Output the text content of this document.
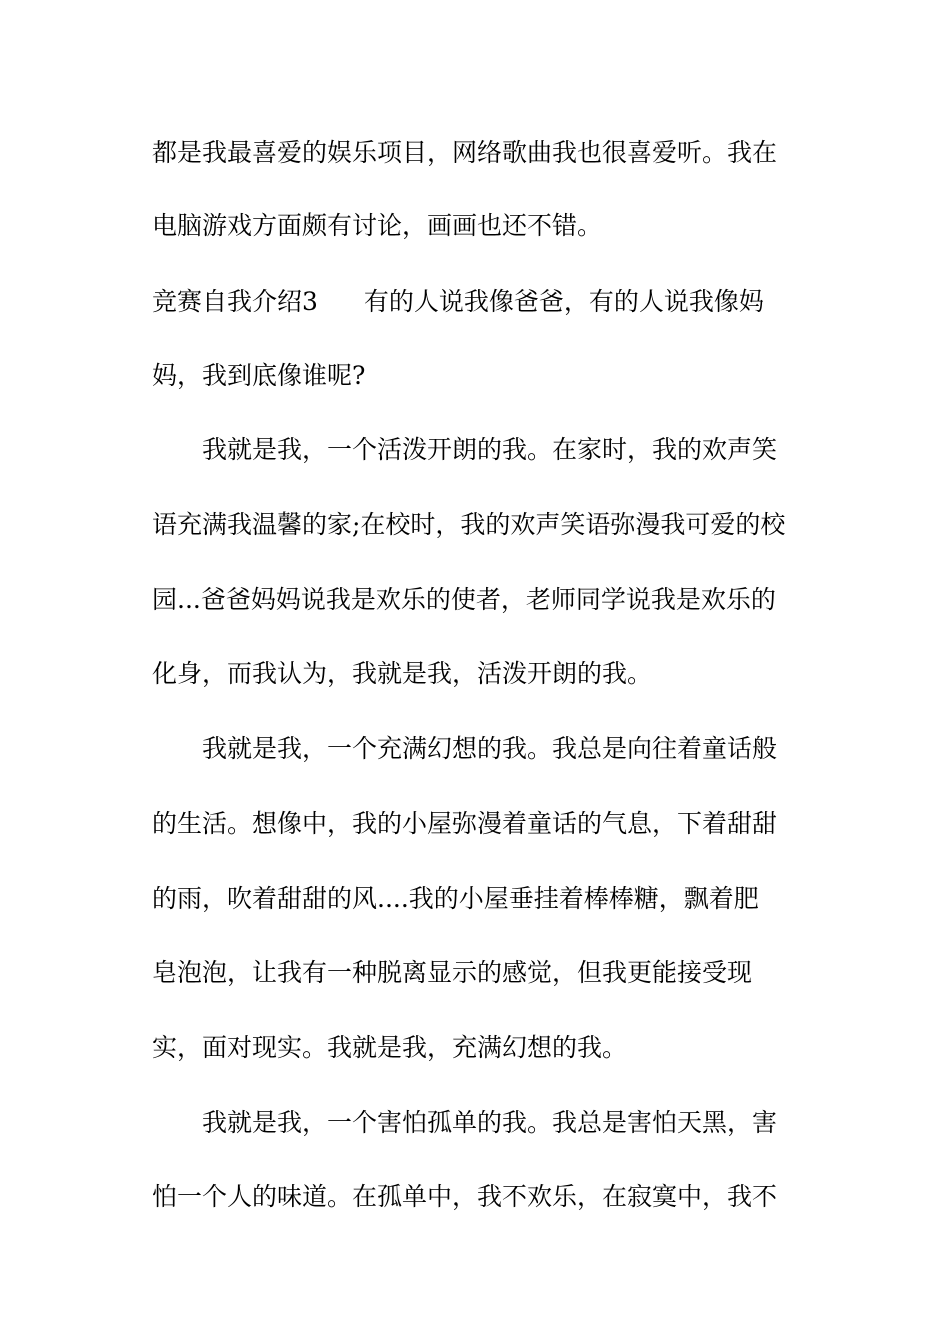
都是我最喜爱的娱乐项目，网络歌曲我也很喜爱听。我在
电脑游戏方面颇有讨论，画画也还不错。
竞赛自我介绍3 有的人说我像爸爸，有的人说我像妈
妈，我到底像谁呢?
我就是我，一个活泼开朗的我。在家时，我的欢声笑
语充满我温馨的家;在校时，我的欢声笑语弥漫我可爱的校
园...爸爸妈妈说我是欢乐的使者，老师同学说我是欢乐的
化身，而我认为，我就是我，活泼开朗的我。
我就是我，一个充满幻想的我。我总是向往着童话般
的生活。想像中，我的小屋弥漫着童话的气息，下着甜甜
的雨，吹着甜甜的风....我的小屋垂挂着棒棒糖，飘着肥
皂泡泡，让我有一种脱离显示的感觉，但我更能接受现
实，面对现实。我就是我，充满幻想的我。
我就是我，一个害怕孤单的我。我总是害怕天黑，害
怕一个人的味道。在孤单中，我不欢乐，在寂寞中，我不
